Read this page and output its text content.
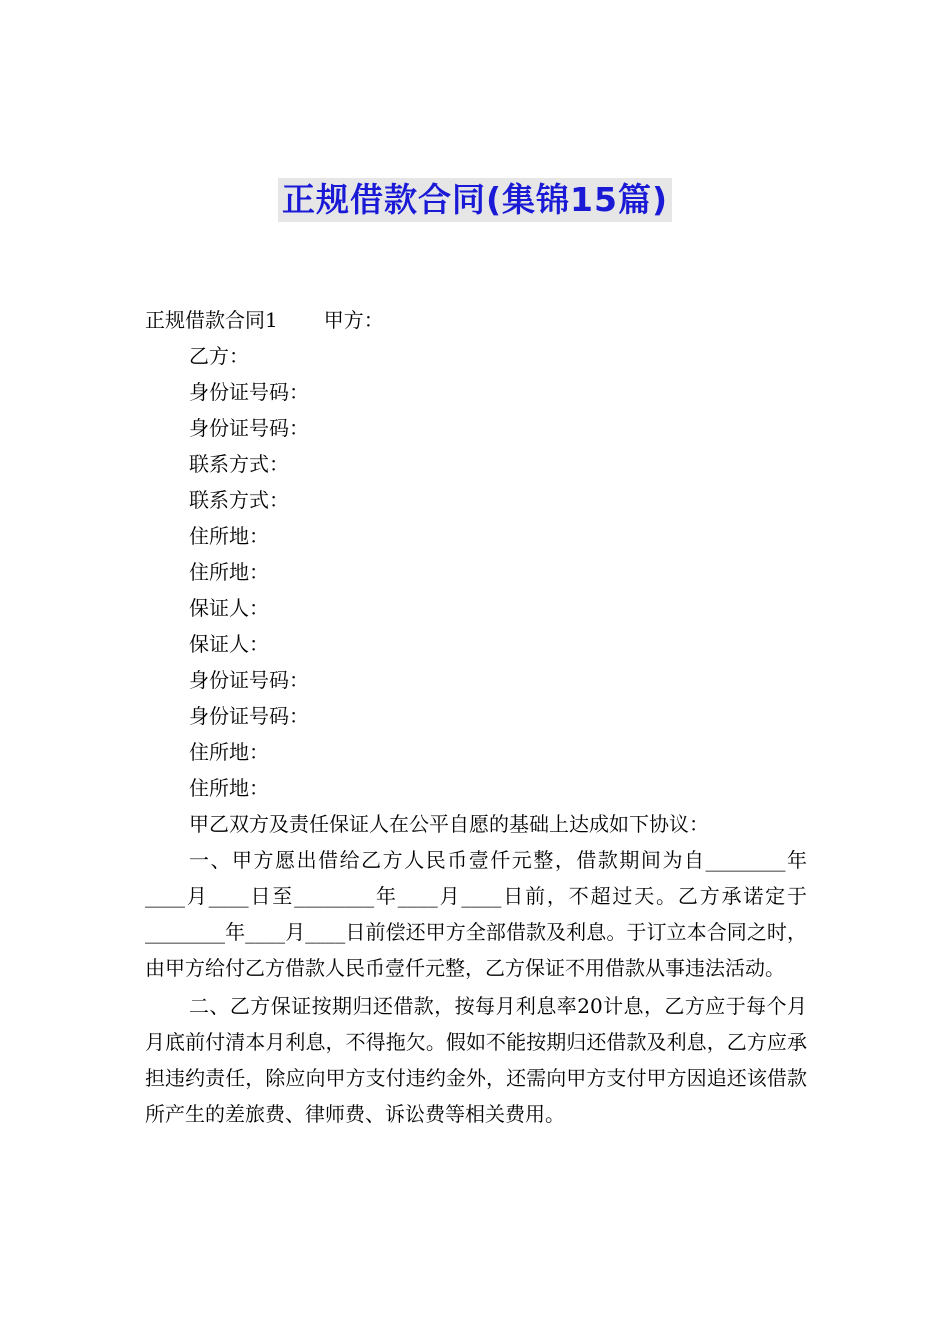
正规借款合同(集锦15篇)
正规借款合同1 甲方：
乙方：
身份证号码：
身份证号码：
联系方式：
联系方式：
住所地：
住所地：
保证人：
保证人：
身份证号码：
身份证号码：
住所地：
住所地：

甲乙双方及责任保证人在公平自愿的基础上达成如下协议：

一、甲方愿出借给乙方人民币壹仟元整，借款期间为自________年____月____日至________年____月____日前，不超过天。乙方承诺定于________年____月____日前偿还甲方全部借款及利息。于订立本合同之时，由甲方给付乙方借款人民币壹仟元整，乙方保证不用借款从事违法活动。

二、乙方保证按期归还借款，按每月利息率20计息，乙方应于每个月月底前付清本月利息，不得拖欠。假如不能按期归还借款及利息，乙方应承担违约责任，除应向甲方支付违约金外，还需向甲方支付甲方因追还该借款所产生的差旅费、律师费、诉讼费等相关费用。
